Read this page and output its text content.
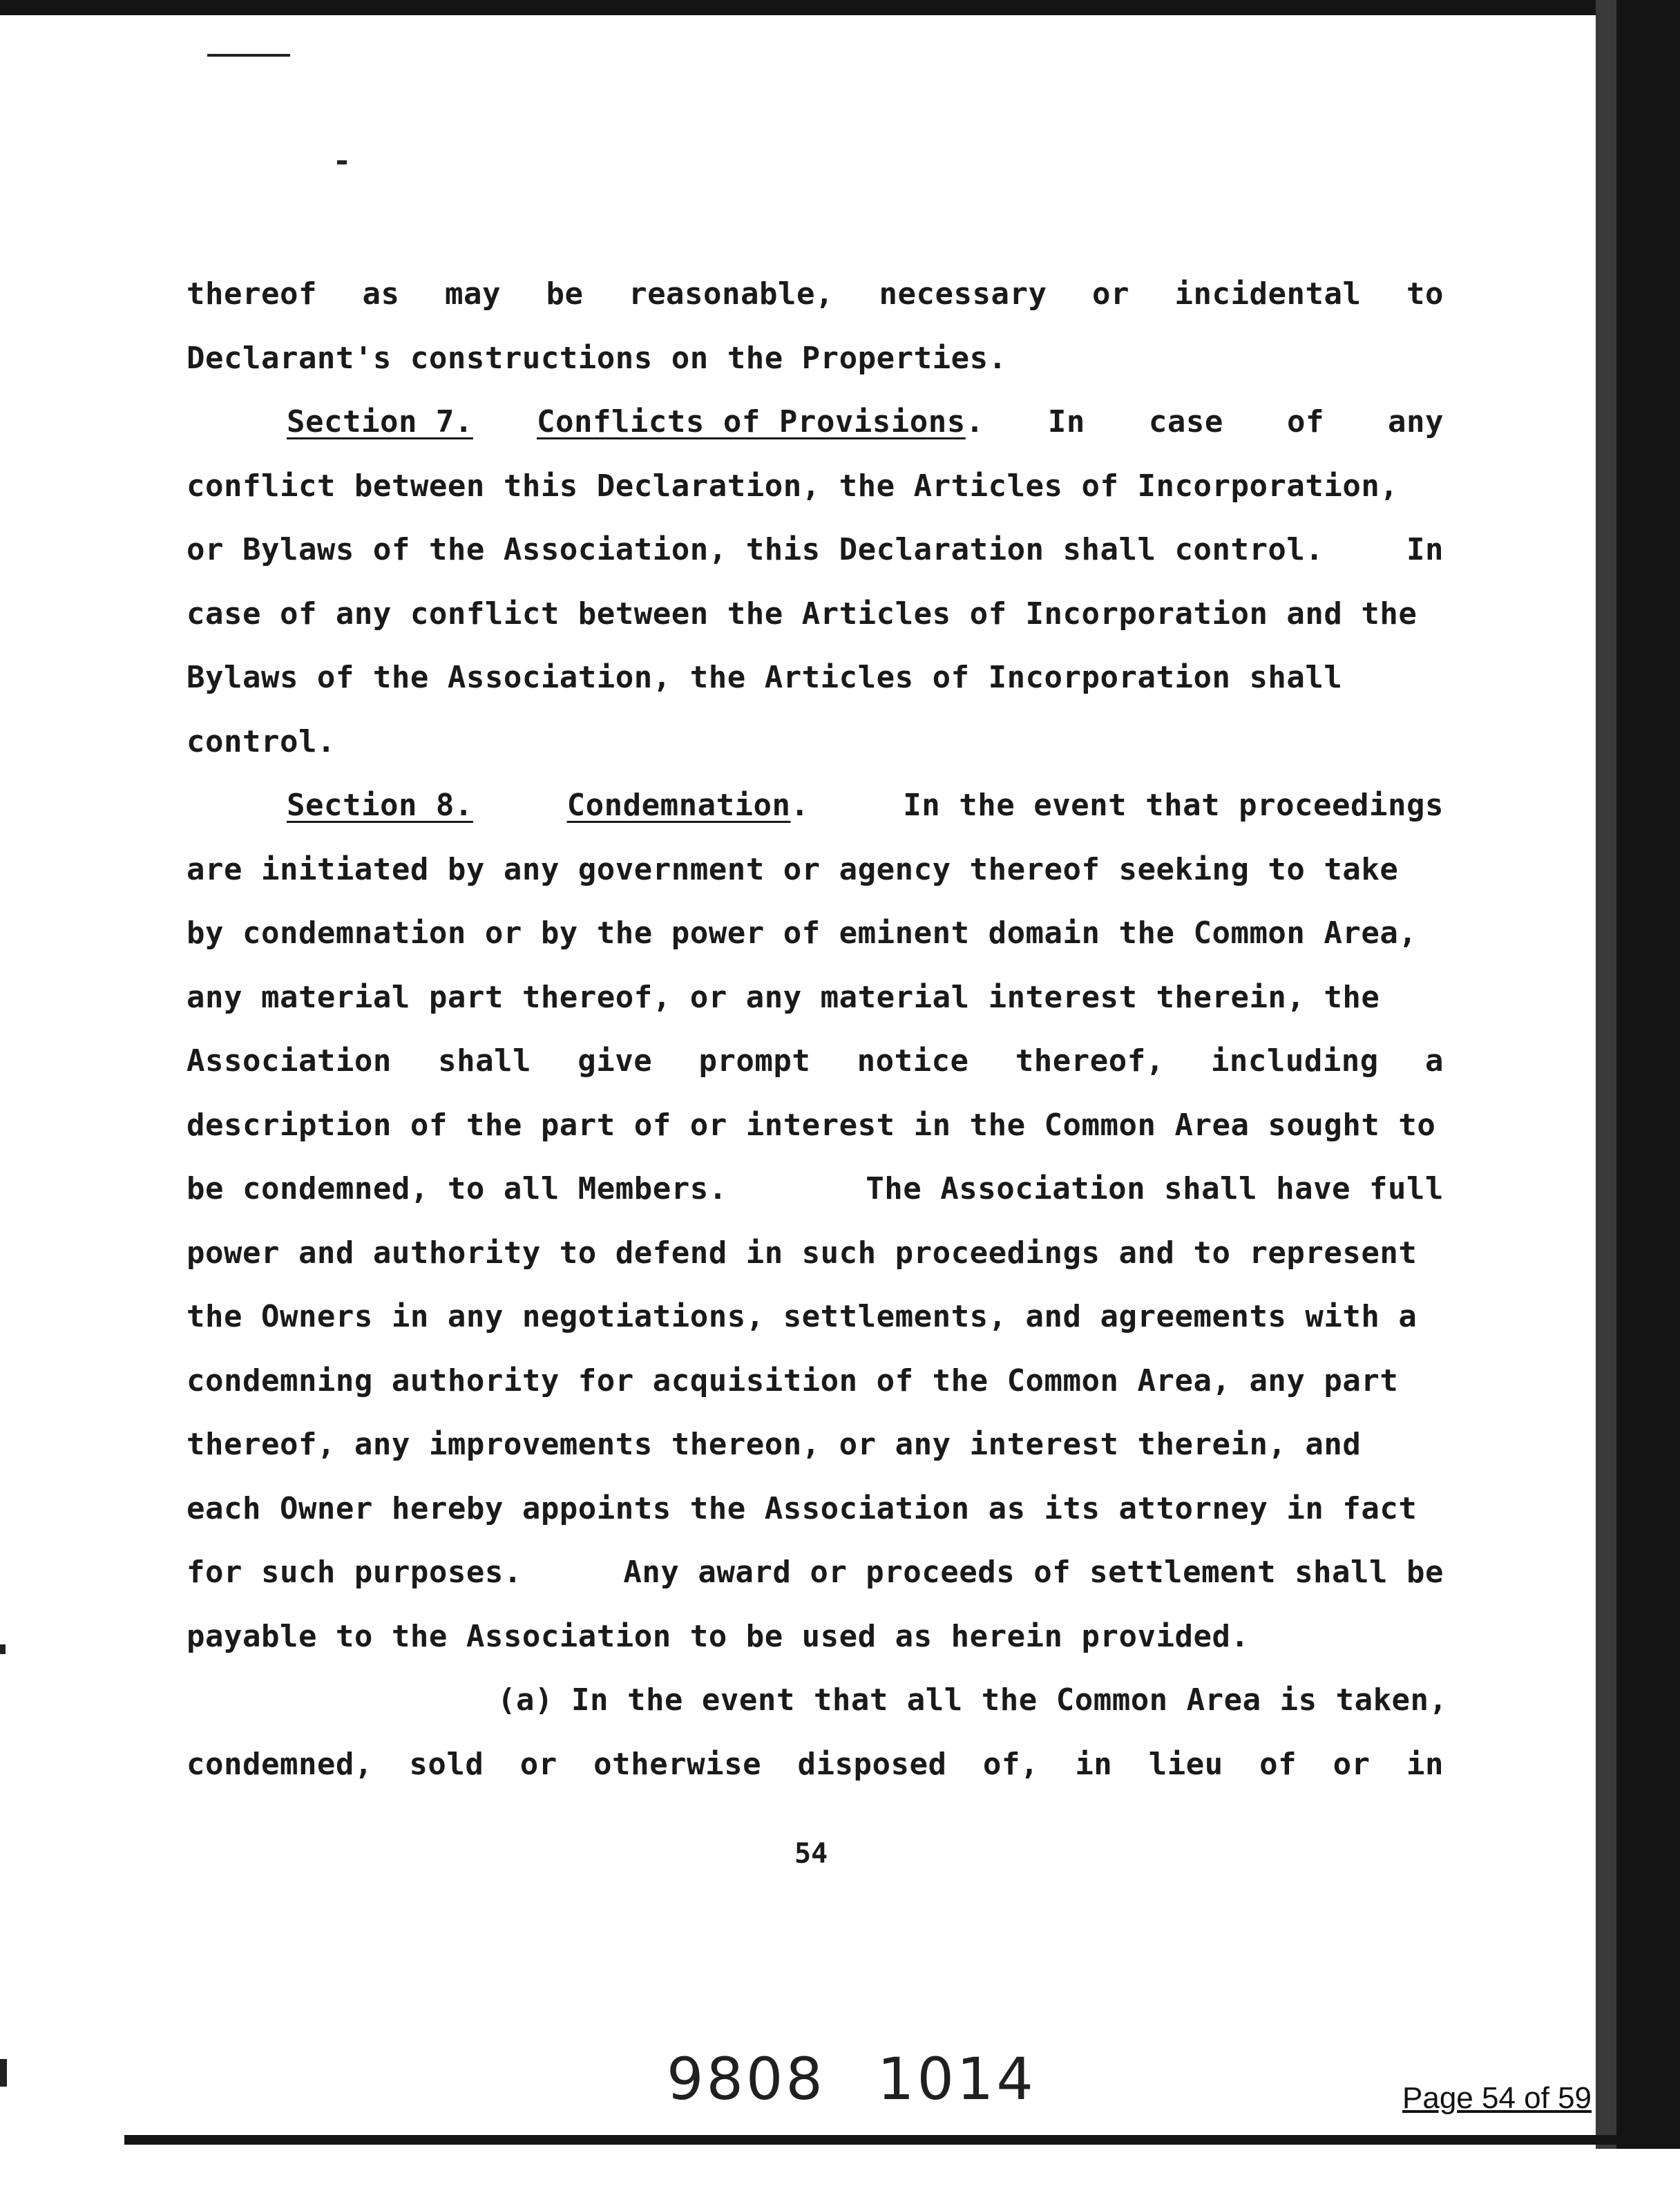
thereof as may be reasonable, necessary or incidental to
Declarant's constructions on the Properties.
Section 7. Conflicts of Provisions. In case of any
conflict between this Declaration, the Articles of Incorporation,
or Bylaws of the Association, this Declaration shall control.	In
case of any conflict between the Articles of Incorporation and the
Bylaws of the Association, the Articles of Incorporation shall
control.
Section 8.	Condemnation.	In the event that proceedings
are initiated by any government or agency thereof seeking to take
by condemnation or by the power of eminent domain the Common Area,
any material part thereof, or any material interest therein, the
Association shall give prompt notice thereof, including a
description of the part of or interest in the Common Area sought to
be condemned, to all Members.	The Association shall have full
power and authority to defend in such proceedings and to represent
the Owners in any negotiations, settlements, and agreements with a
condemning authority for acquisition of the Common Area, any part
thereof, any improvements thereon, or any interest therein, and
each Owner hereby appoints the Association as its attorney in fact
for such purposes.	Any award or proceeds of settlement shall be
payable to the Association to be used as herein provided.
(a) In the event that all the Common Area is taken,
condemned, sold or otherwise disposed of, in lieu of or in
54
9808 1014	Page 54 of 59
